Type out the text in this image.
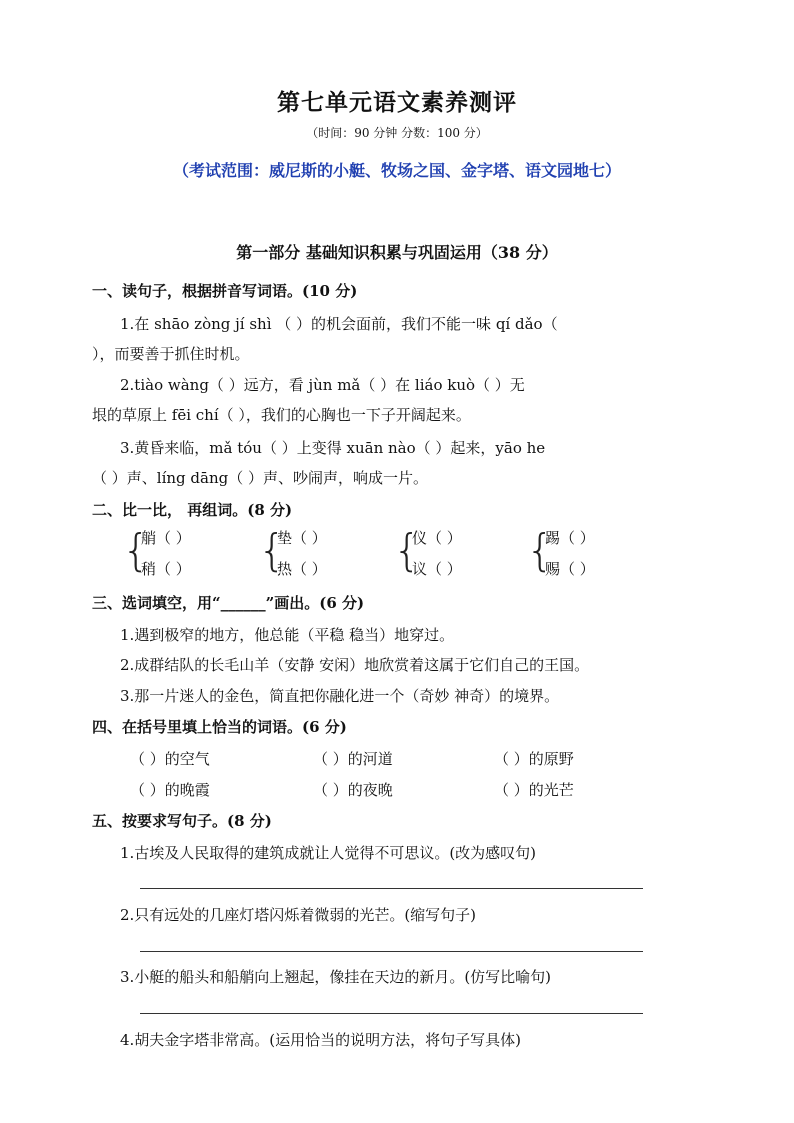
第七单元语文素养测评
（时间：90 分钟 分数：100 分）
（考试范围：威尼斯的小艇、牧场之国、金字塔、语文园地七）
第一部分 基础知识积累与巩固运用（38 分）
一、读句子，根据拼音写词语。(10 分)
1.在 shāo zòng jí shì （ ）的机会面前，我们不能一味 qí dǎo（
），而要善于抓住时机。
2.tiào wàng（ ）远方，看 jùn mǎ（ ）在 liáo kuò（ ）无
垠的草原上 fēi chí（ ），我们的心胸也一下子开阔起来。
3.黄昏来临，mǎ tóu（ ）上变得 xuān nào（ ）起来，yāo he
（ ）声、líng dāng（ ）声、吵闹声，响成一片。
二、比一比， 再组词。(8 分)
{
艄（ ）
稍（ ） {
垫（ ）
热（ ） {
仪（ ）
议（ ） {
踢（ ）
赐（ ）
三、选词填空，用“______”画出。(6 分)
1.遇到极窄的地方，他总能（平稳 稳当）地穿过。
2.成群结队的长毛山羊（安静 安闲）地欣赏着这属于它们自己的王国。
3.那一片迷人的金色，简直把你融化进一个（奇妙 神奇）的境界。
四、在括号里填上恰当的词语。(6 分)
（ ）的空气	（ ）的河道	（ ）的原野
（ ）的晚霞	（ ）的夜晚	（ ）的光芒
五、按要求写句子。(8 分)
1.古埃及人民取得的建筑成就让人觉得不可思议。(改为感叹句)
2.只有远处的几座灯塔闪烁着微弱的光芒。(缩写句子)
3.小艇的船头和船艄向上翘起，像挂在天边的新月。(仿写比喻句)
4.胡夫金字塔非常高。(运用恰当的说明方法，将句子写具体)
